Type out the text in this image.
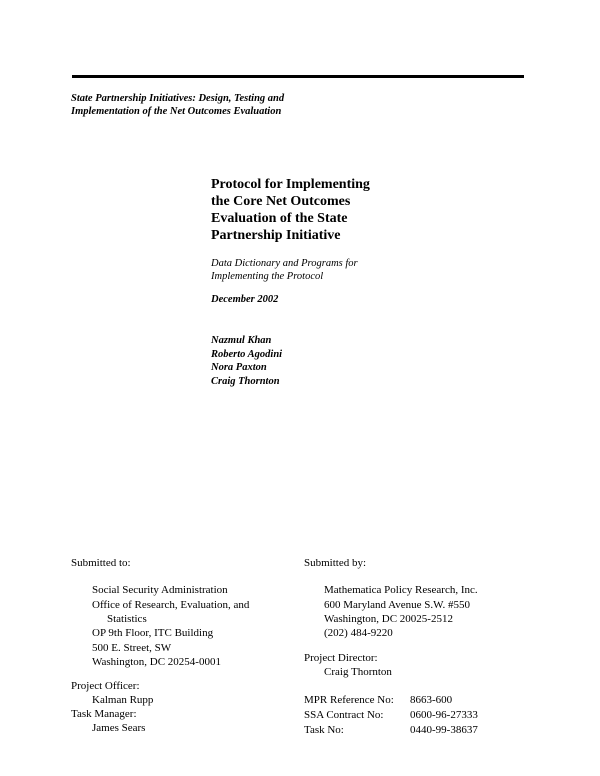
State Partnership Initiatives: Design, Testing and
Implementation of the Net Outcomes Evaluation
Protocol for Implementing
the Core Net Outcomes
Evaluation of the State
Partnership Initiative
Data Dictionary and Programs for
Implementing the Protocol
December 2002
Nazmul Khan
Roberto Agodini
Nora Paxton
Craig Thornton
Submitted to:
Social Security Administration
Office of Research, Evaluation, and
Statistics
OP 9th Floor, ITC Building
500 E. Street, SW
Washington, DC 20254-0001
Project Officer:
Kalman Rupp
Task Manager:
James Sears
Submitted by:
Mathematica Policy Research, Inc.
600 Maryland Avenue S.W. #550
Washington, DC 20025-2512
(202) 484-9220
Project Director:
Craig Thornton
MPR Reference No:	8663-600
SSA Contract No:	0600-96-27333
Task No:	0440-99-38637
